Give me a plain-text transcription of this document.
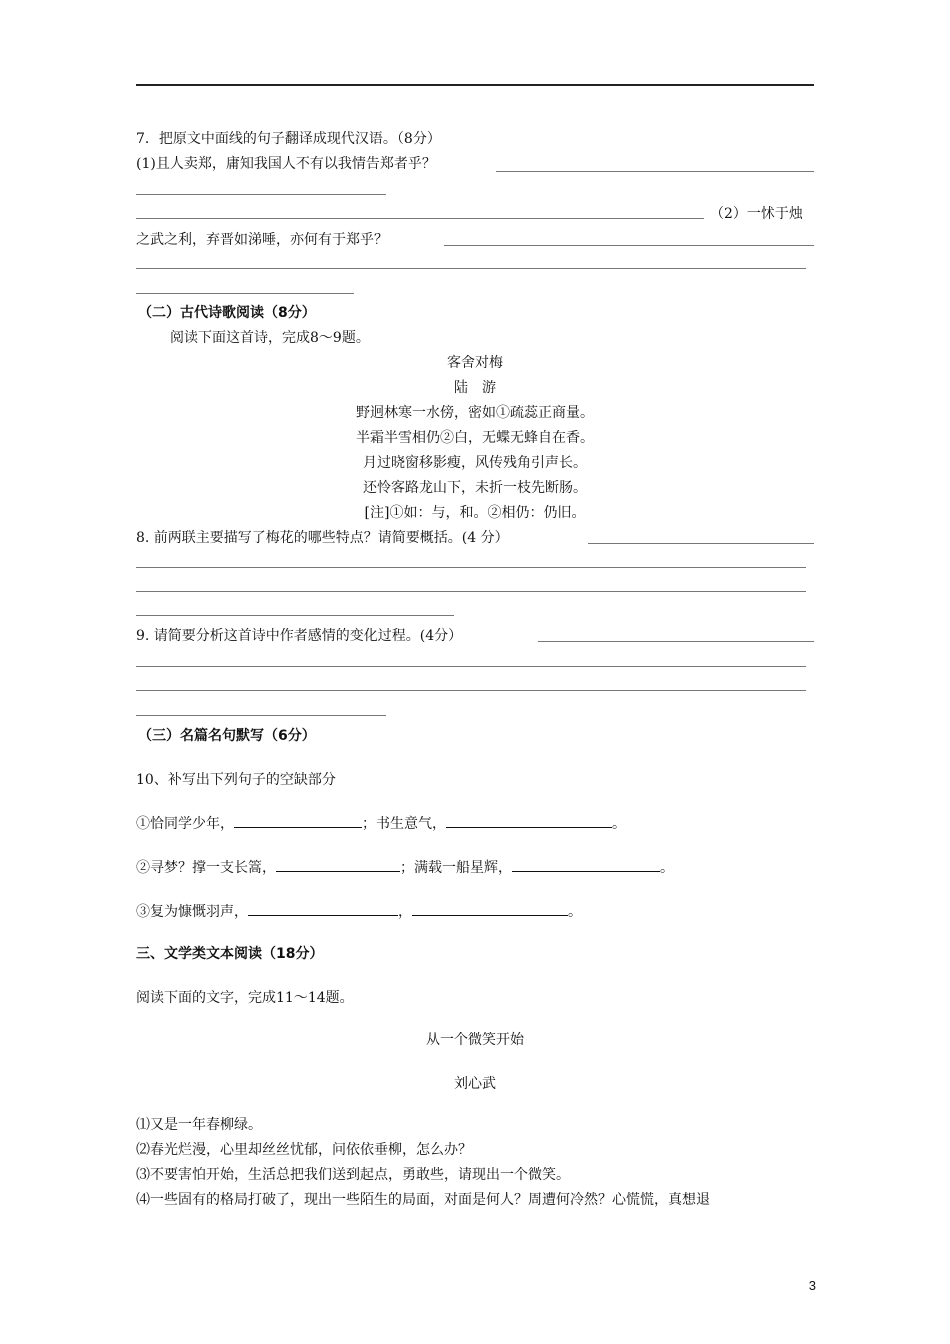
7．把原文中面线的句子翻译成现代汉语。（8分）
(1)且人卖郑，庸知我国人不有以我情告郑者乎？
（2）一怵于烛
之武之利，弃晋如涕唾，亦何有于郑乎？
（二）古代诗歌阅读（8分）
阅读下面这首诗，完成8～9题。
客舍对梅
陆　游
野迥林寒一水傍，密如①疏蕊正商量。
半霜半雪相仍②白，无蝶无蜂自在香。
月过晓窗移影瘦，风传残角引声长。
还怜客路龙山下，未折一枝先断肠。
[注]①如：与，和。②相仍：仍旧。
8. 前两联主要描写了梅花的哪些特点？请简要概括。(4 分）
9. 请简要分析这首诗中作者感情的变化过程。(4分）
（三）名篇名句默写（6分）
10、补写出下列句子的空缺部分
①恰同学少年，	；书生意气，	。
②寻梦？撑一支长篙，	；满载一船星辉，	。
③复为慷慨羽声，	，	。
三、文学类文本阅读（18分）
阅读下面的文字，完成11～14题。
从一个微笑开始
刘心武
⑴又是一年春柳绿。
⑵春光烂漫，心里却丝丝忧郁，问依依垂柳，怎么办？
⑶不要害怕开始，生活总把我们送到起点，勇敢些，请现出一个微笑。
⑷一些固有的格局打破了，现出一些陌生的局面，对面是何人？周遭何冷然？心慌慌，真想退
3
